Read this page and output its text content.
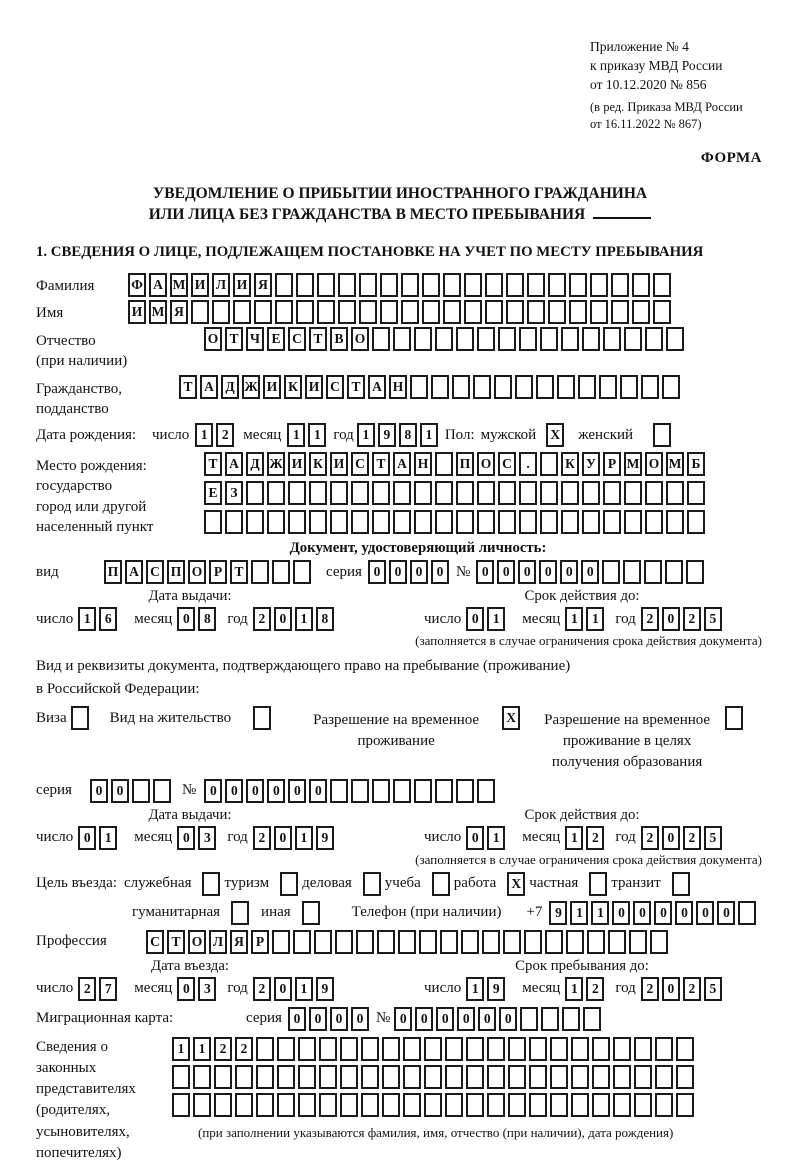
Приложение № 4
к приказу МВД России
от 10.12.2020 № 856
(в ред. Приказа МВД России
от 16.11.2022 № 867)
ФОРМА
УВЕДОМЛЕНИЕ О ПРИБЫТИИ ИНОСТРАННОГО ГРАЖДАНИНА
ИЛИ ЛИЦА БЕЗ ГРАЖДАНСТВА В МЕСТО ПРЕБЫВАНИЯ
1. СВЕДЕНИЯ О ЛИЦЕ, ПОДЛЕЖАЩЕМ ПОСТАНОВКЕ НА УЧЕТ ПО МЕСТУ ПРЕБЫВАНИЯ
Фамилия	Ф А М И Л И Я
Имя	И М Я
Отчество
(при наличии)
О Т Ч Е С Т В О
Гражданство,
подданство
Т А Д Ж И К И С Т А Н
Дата рождения:	число 1	2 месяц 1	1 год 1	9	8	1 Пол: мужской	X	женский
Место рождения:
государство
город или другой
населенный пункт
Т А Д Ж И К И С Т А Н П О С	.	К У Р М О М Б
Е З
Документ, удостоверяющий личность:
вид	П А С П О Р Т	серия 0	0	0	0 № 0	0	0	0	0	0
Дата выдачи:
число 1	6	месяц 0	8	год 2	0	1	8
Срок действия до:
число 0	1	месяц 1	1	год 2	0	2	5
(заполняется в случае ограничения срока действия документа)
Вид и реквизиты документа, подтверждающего право на пребывание (проживание)
в Российской Федерации:
Виза	Вид на жительство	Разрешение на временное проживание
X	Разрешение на временное проживание в целях получения образования
серия	0	0	№	0	0	0	0	0	0
Дата выдачи:
число 0	1	месяц 0	3	год 2	0	1	9
Срок действия до:
число 0	1	месяц 1	2	год 2	0	2	5
(заполняется в случае ограничения срока действия документа)
Цель въезда: служебная	туризм	деловая	учеба	работа	X частная	транзит
гуманитарная	иная	Телефон (при наличии)	+7 9	1	1	0	0	0	0	0	0
Профессия	С Т О Л Я Р
Дата въезда:
число 2	7	месяц 0	3	год 2	0	1	9
Срок пребывания до:
число 1	9	месяц 1	2	год 2	0	2	5
Миграционная карта:	серия 0	0	0	0 № 0	0	0	0	0	0
Сведения о
законных
представителях
(родителях,
усыновителях,
попечителях)
1	1	2	2
(при заполнении указываются фамилия, имя, отчество (при наличии), дата рождения)
